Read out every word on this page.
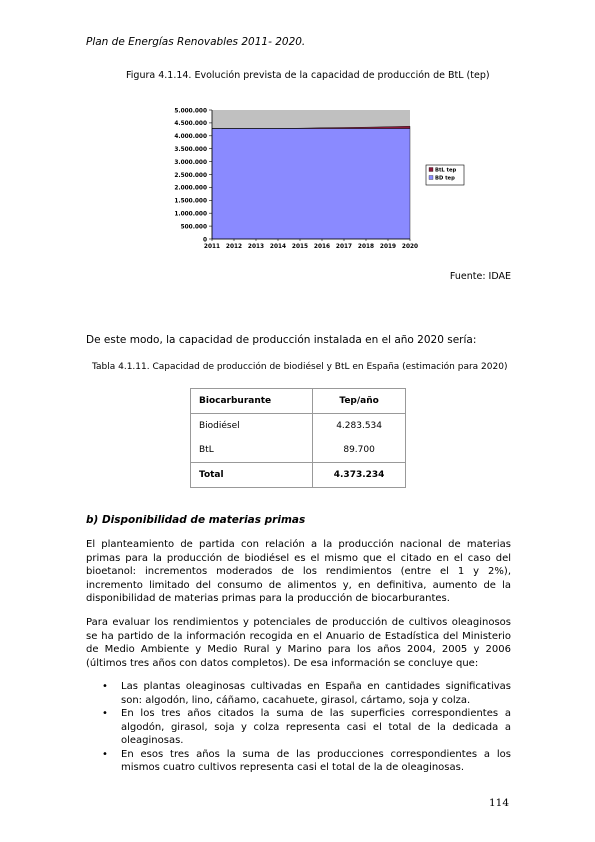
Plan de Energías Renovables 2011- 2020.
Figura 4.1.14. Evolución prevista de la capacidad de producción de BtL (tep)
5.000.000
4.500.000
4.000.000
3.500.000
3.000.000
2.500.000
2.000.000
1.500.000
1.000.000
500.000
0
2011 2012 2013 2014 2015 2016 2017 2018 2019 2020
BtL tep
BD tep
Fuente: IDAE
De este modo, la capacidad de producción instalada en el año 2020 sería:
Tabla 4.1.11. Capacidad de producción de biodiésel y BtL en España (estimación para 2020)
Biocarburante	Tep/año
Biodiésel	4.283.534
BtL	89.700
Total	4.373.234
b) Disponibilidad de materias primas

El planteamiento de partida con relación a la producción nacional de materias primas para la producción de biodiésel es el mismo que el citado en el caso del bioetanol: incrementos moderados de los rendimientos (entre el 1 y 2%), incremento limitado del consumo de alimentos y, en definitiva, aumento de la disponibilidad de materias primas para la producción de biocarburantes.

Para evaluar los rendimientos y potenciales de producción de cultivos oleaginosos se ha partido de la información recogida en el Anuario de Estadística del Ministerio de Medio Ambiente y Medio Rural y Marino para los años 2004, 2005 y 2006 (últimos tres años con datos completos). De esa información se concluye que:

• Las plantas oleaginosas cultivadas en España en cantidades significativas son: algodón, lino, cáñamo, cacahuete, girasol, cártamo, soja y colza.
• En los tres años citados la suma de las superficies correspondientes a algodón, girasol, soja y colza representa casi el total de la dedicada a oleaginosas.
• En esos tres años la suma de las producciones correspondientes a los mismos cuatro cultivos representa casi el total de la de oleaginosas.
114
